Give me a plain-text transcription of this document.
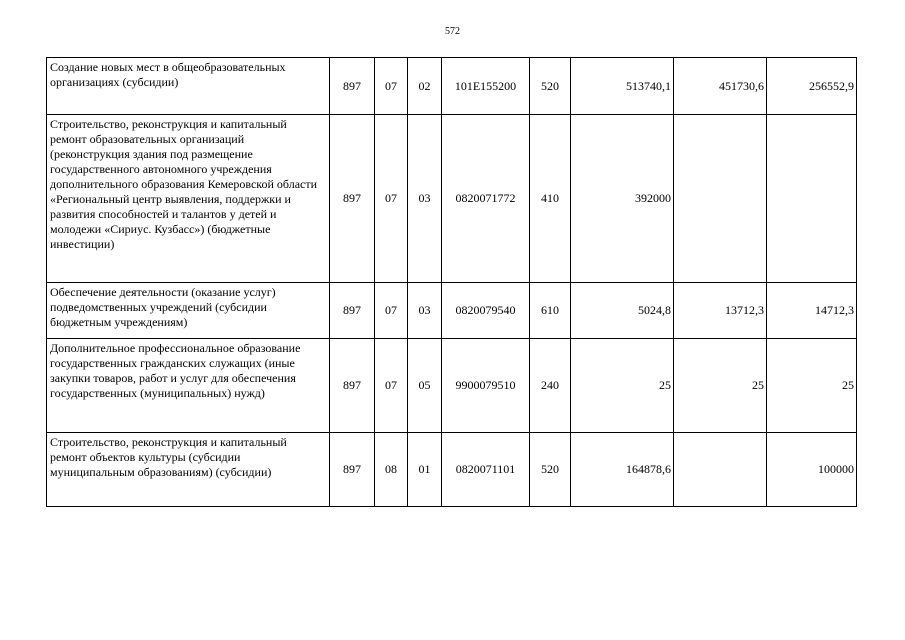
572
Создание новых мест в общеобразовательных организациях (субсидии)	897	07	02	101E155200	520	513740,1	451730,6	256552,9
Строительство, реконструкция и капитальный ремонт образовательных организаций (реконструкция здания под размещение государственного автономного учреждения дополнительного образования Кемеровской области «Региональный центр выявления, поддержки и развития способностей и талантов у детей и молодежи «Сириус. Кузбасс») (бюджетные инвестиции)	897	07	03	0820071772	410	392000		
Обеспечение деятельности (оказание услуг) подведомственных учреждений (субсидии бюджетным учреждениям)	897	07	03	0820079540	610	5024,8	13712,3	14712,3
Дополнительное профессиональное образование государственных гражданских служащих (иные закупки товаров, работ и услуг для обеспечения государственных (муниципальных) нужд)	897	07	05	9900079510	240	25	25	25
Строительство, реконструкция и капитальный ремонт объектов культуры (субсидии муниципальным образованиям) (субсидии)	897	08	01	0820071101	520	164878,6		100000
